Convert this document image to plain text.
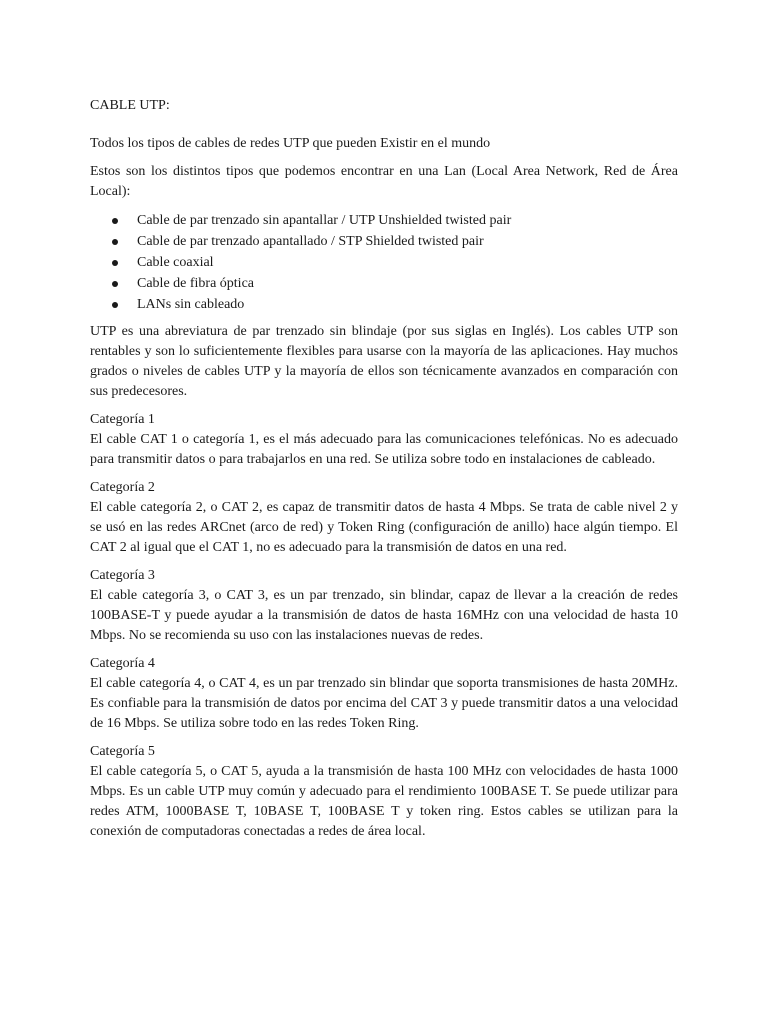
CABLE UTP:

Todos los tipos de cables de redes UTP que pueden Existir en el mundo

Estos son los distintos tipos que podemos encontrar en una Lan (Local Area Network, Red de Área Local):

Cable de par trenzado sin apantallar / UTP Unshielded twisted pair
Cable de par trenzado apantallado / STP Shielded twisted pair
Cable coaxial
Cable de fibra óptica
LANs sin cableado

UTP es una abreviatura de par trenzado sin blindaje (por sus siglas en Inglés). Los cables UTP son rentables y son lo suficientemente flexibles para usarse con la mayoría de las aplicaciones. Hay muchos grados o niveles de cables UTP y la mayoría de ellos son técnicamente avanzados en comparación con sus predecesores.

Categoría 1

El cable CAT 1 o categoría 1, es el más adecuado para las comunicaciones telefónicas. No es adecuado para transmitir datos o para trabajarlos en una red. Se utiliza sobre todo en instalaciones de cableado.

Categoría 2

El cable categoría 2, o CAT 2, es capaz de transmitir datos de hasta 4 Mbps. Se trata de cable nivel 2 y se usó en las redes ARCnet (arco de red) y Token Ring (configuración de anillo) hace algún tiempo. El CAT 2 al igual que el CAT 1, no es adecuado para la transmisión de datos en una red.

Categoría 3

El cable categoría 3, o CAT 3, es un par trenzado, sin blindar, capaz de llevar a la creación de redes 100BASE-T y puede ayudar a la transmisión de datos de hasta 16MHz con una velocidad de hasta 10 Mbps. No se recomienda su uso con las instalaciones nuevas de redes.

Categoría 4

El cable categoría 4, o CAT 4, es un par trenzado sin blindar que soporta transmisiones de hasta 20MHz. Es confiable para la transmisión de datos por encima del CAT 3 y puede transmitir datos a una velocidad de 16 Mbps. Se utiliza sobre todo en las redes Token Ring.

Categoría 5

El cable categoría 5, o CAT 5, ayuda a la transmisión de hasta 100 MHz con velocidades de hasta 1000 Mbps. Es un cable UTP muy común y adecuado para el rendimiento 100BASE T. Se puede utilizar para redes ATM, 1000BASE T, 10BASE T, 100BASE T y token ring. Estos cables se utilizan para la conexión de computadoras conectadas a redes de área local.
